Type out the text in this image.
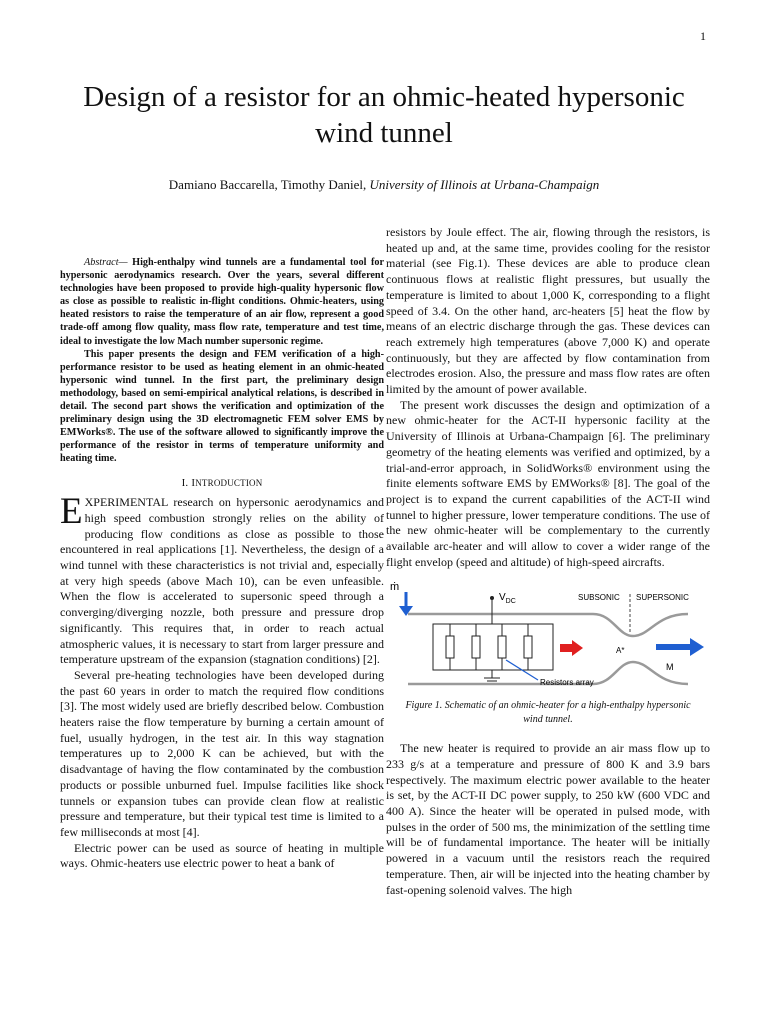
1
Design of a resistor for an ohmic-heated hypersonic wind tunnel
Damiano Baccarella, Timothy Daniel, University of Illinois at Urbana-Champaign

Abstract— High-enthalpy wind tunnels are a fundamental tool for hypersonic aerodynamics research. Over the years, several different technologies have been proposed to provide high-quality hypersonic flow as close as possible to realistic in-flight conditions. Ohmic-heaters, using heated resistors to raise the temperature of an air flow, represent a good trade-off among flow quality, mass flow rate, temperature and test time, ideal to investigate the low Mach number supersonic regime.

This paper presents the design and FEM verification of a high-performance resistor to be used as heating element in an ohmic-heated hypersonic wind tunnel. In the first part, the preliminary design methodology, based on semi-empirical analytical relations, is described in detail. The second part shows the verification and optimization of the preliminary design using the 3D electromagnetic FEM solver EMS by EMWorks®. The use of the software allowed to significantly improve the performance of the resistor in terms of temperature uniformity and heating time.

I. INTRODUCTION

EXPERIMENTAL research on hypersonic aerodynamics and high speed combustion strongly relies on the ability of producing flow conditions as close as possible to those encountered in real applications [1]. Nevertheless, the design of a wind tunnel with these characteristics is not trivial and, especially at very high speeds (above Mach 10), can be even unfeasible. When the flow is accelerated to supersonic speed through a converging/diverging nozzle, both pressure and pressure drop significantly. This requires that, in order to reach actual atmospheric values, it is necessary to start from larger pressure and temperature upstream of the expansion (stagnation conditions) [2].

Several pre-heating technologies have been developed during the past 60 years in order to match the required flow conditions [3]. The most widely used are briefly described below. Combustion heaters raise the flow temperature by burning a certain amount of fuel, usually hydrogen, in the test air. In this way stagnation temperatures up to 2,000 K can be achieved, but with the disadvantage of having the flow contaminated by the combustion products or possible unburned fuel. Impulse facilities like shock tunnels or expansion tubes can provide clean flow at realistic pressure and temperature, but their typical test time is limited to a few milliseconds at most [4].

Electric power can be used as source of heating in multiple ways. Ohmic-heaters use electric power to heat a bank of

resistors by Joule effect. The air, flowing through the resistors, is heated up and, at the same time, provides cooling for the resistor material (see Fig.1). These devices are able to produce clean continuous flows at realistic flight pressures, but usually the temperature is limited to about 1,000 K, corresponding to a flight speed of 3.4. On the other hand, arc-heaters [5] heat the flow by means of an electric discharge through the gas. These devices can reach extremely high temperatures (above 7,000 K) and operate continuously, but they are affected by flow contamination from electrodes erosion. Also, the pressure and mass flow rates are often limited by the amount of power available.

The present work discusses the design and optimization of a new ohmic-heater for the ACT-II hypersonic facility at the University of Illinois at Urbana-Champaign [6]. The preliminary geometry of the heating elements was verified and optimized, by a trial-and-error approach, in SolidWorks® environment using the finite elements software EMS by EMWorks® [8]. The goal of the project is to expand the current capabilities of the ACT-II wind tunnel to higher pressure, lower temperature conditions. The use of the new ohmic-heater will be complementary to the currently available arc-heater and will allow to cover a wider range of the flight envelop (speed and altitude) of high-speed aircrafts.

ṁ
$V_{DC}$
Resistors array
SUBSONIC SUPERSONIC
A*
M
Figure 1. Schematic of an ohmic-heater for a high-enthalpy hypersonic wind tunnel.

The new heater is required to provide an air mass flow up to 233 g/s at a temperature and pressure of 800 K and 3.9 bars respectively. The maximum electric power available to the heater is set, by the ACT-II DC power supply, to 250 kW (600 VDC and 400 A). Since the heater will be operated in pulsed mode, with pulses in the order of 500 ms, the minimization of the settling time will be of fundamental importance. The heater will be initially powered in a vacuum until the resistors reach the required temperature. Then, air will be injected into the heating chamber by fast-opening solenoid valves. The high
